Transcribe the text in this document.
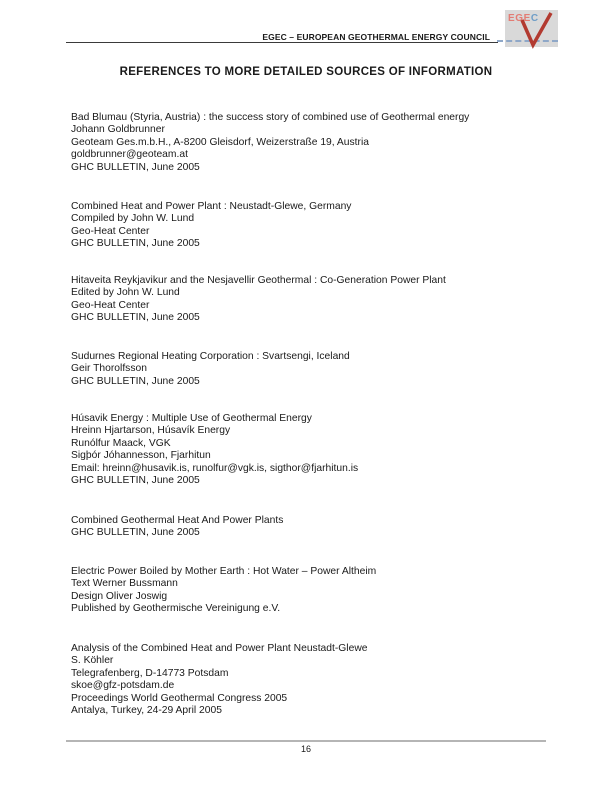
EGEC – EUROPEAN GEOTHERMAL ENERGY COUNCIL
EGEC
REFERENCES TO MORE DETAILED SOURCES OF INFORMATION
Bad Blumau (Styria, Austria) : the success story of combined use of Geothermal energy
Johann Goldbrunner
Geoteam Ges.m.b.H., A-8200 Gleisdorf, Weizerstraße 19, Austria
goldbrunner@geoteam.at
GHC BULLETIN, June 2005
Combined Heat and Power Plant : Neustadt-Glewe, Germany
Compiled by John W. Lund
Geo-Heat Center
GHC BULLETIN, June 2005
Hitaveita Reykjavikur and the Nesjavellir Geothermal : Co-Generation Power Plant
Edited by John W. Lund
Geo-Heat Center
GHC BULLETIN, June 2005
Sudurnes Regional Heating Corporation : Svartsengi, Iceland
Geir Thorolfsson
GHC BULLETIN, June 2005
Húsavik Energy : Multiple Use of Geothermal Energy
Hreinn Hjartarson, Húsavík Energy
Runólfur Maack, VGK
Sigþór Jóhannesson, Fjarhitun
Email: hreinn@husavik.is, runolfur@vgk.is, sigthor@fjarhitun.is
GHC BULLETIN, June 2005
Combined Geothermal Heat And Power Plants
GHC BULLETIN, June 2005
Electric Power Boiled by Mother Earth : Hot Water – Power Altheim
Text Werner Bussmann
Design Oliver Joswig
Published by Geothermische Vereinigung e.V.
Analysis of the Combined Heat and Power Plant Neustadt-Glewe
S. Köhler
Telegrafenberg, D-14773 Potsdam
skoe@gfz-potsdam.de
Proceedings World Geothermal Congress 2005
Antalya, Turkey, 24-29 April 2005
16
